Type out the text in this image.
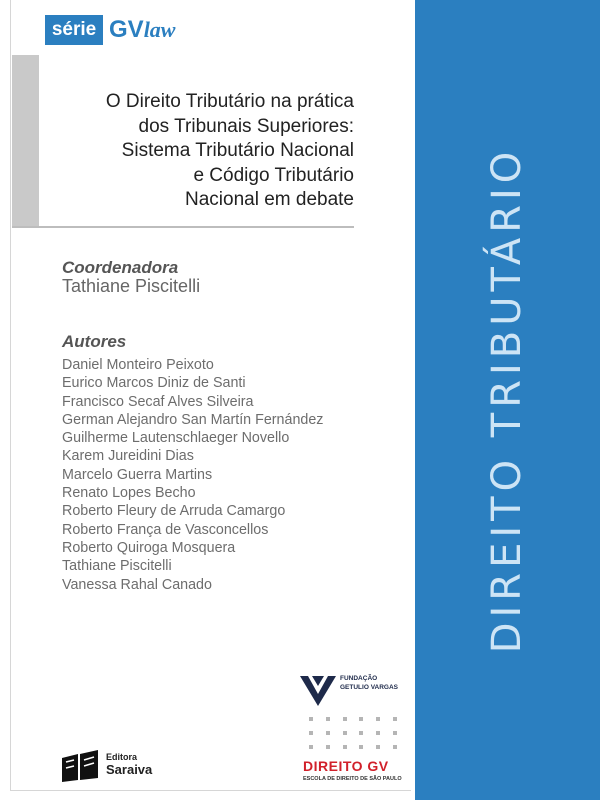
série GVlaw
O Direito Tributário na prática
dos Tribunais Superiores:
Sistema Tributário Nacional
e Código Tributário
Nacional em debate
Coordenadora
Tathiane Piscitelli
Autores
Daniel Monteiro Peixoto
Eurico Marcos Diniz de Santi
Francisco Secaf Alves Silveira
German Alejandro San Martín Fernández
Guilherme Lautenschlaeger Novello
Karem Jureidini Dias
Marcelo Guerra Martins
Renato Lopes Becho
Roberto Fleury de Arruda Camargo
Roberto França de Vasconcellos
Roberto Quiroga Mosquera
Tathiane Piscitelli
Vanessa Rahal Canado
Editora
Saraiva
FUNDAÇÃO
GETULIO VARGAS
DIREITO GV
ESCOLA DE DIREITO DE SÃO PAULO
DIREITO TRIBUTÁRIO
